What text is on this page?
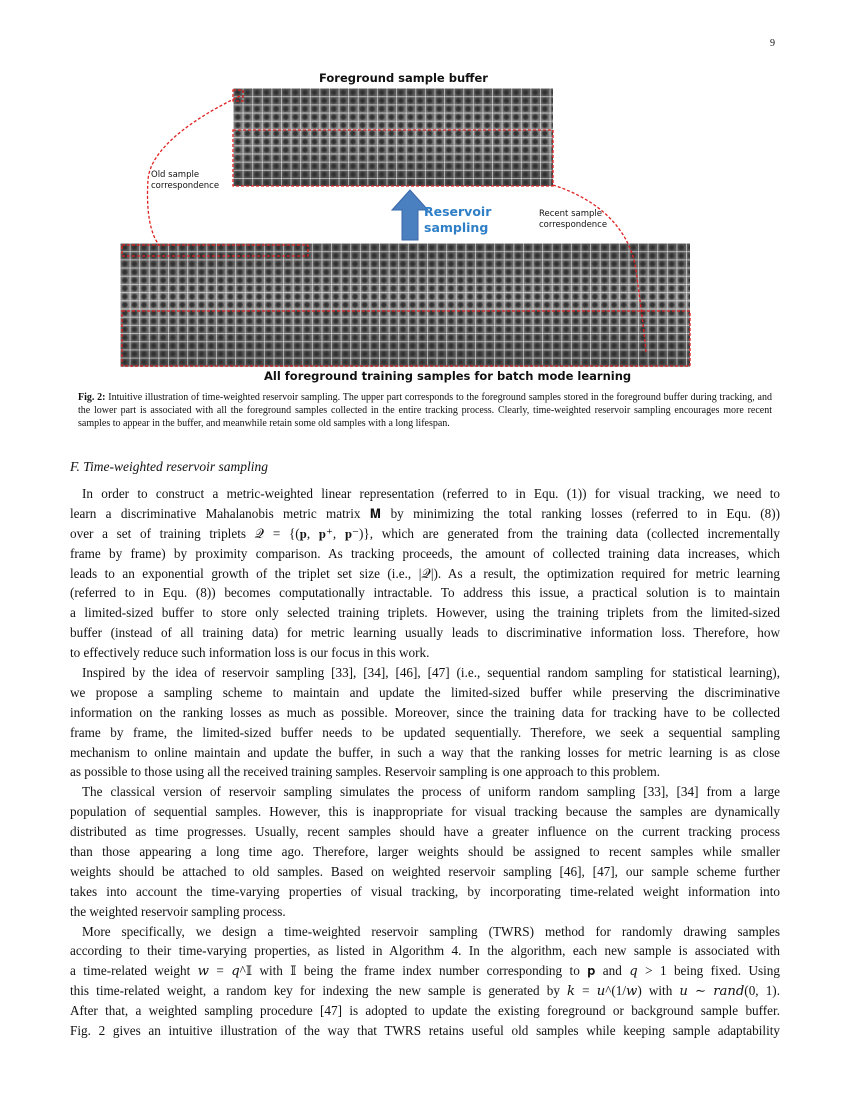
9
Foreground sample buffer
Reservoir sampling
Old sample correspondence
Recent sample correspondence
All foreground training samples for batch mode learning
Fig. 2: Intuitive illustration of time-weighted reservoir sampling. The upper part corresponds to the foreground samples stored in the foreground buffer during tracking, and the lower part is associated with all the foreground samples collected in the entire tracking process. Clearly, time-weighted reservoir sampling encourages more recent samples to appear in the buffer, and meanwhile retain some old samples with a long lifespan.
F. Time-weighted reservoir sampling
In order to construct a metric-weighted linear representation (referred to in Equ. (1)) for visual tracking, we need to
learn a discriminative Mahalanobis metric matrix 𝐌 by minimizing the total ranking losses (referred to in Equ. (8))
over a set of training triplets 𝒬 = {(𝐩, 𝐩⁺, 𝐩⁻)}, which are generated from the training data (collected incrementally
frame by frame) by proximity comparison. As tracking proceeds, the amount of collected training data increases, which
leads to an exponential growth of the triplet set size (i.e., |𝒬|). As a result, the optimization required for metric learning
(referred to in Equ. (8)) becomes computationally intractable. To address this issue, a practical solution is to maintain
a limited-sized buffer to store only selected training triplets. However, using the training triplets from the limited-sized
buffer (instead of all training data) for metric learning usually leads to discriminative information loss. Therefore, how
to effectively reduce such information loss is our focus in this work.
Inspired by the idea of reservoir sampling [33], [34], [46], [47] (i.e., sequential random sampling for statistical learning),
we propose a sampling scheme to maintain and update the limited-sized buffer while preserving the discriminative
information on the ranking losses as much as possible. Moreover, since the training data for tracking have to be collected
frame by frame, the limited-sized buffer needs to be updated sequentially. Therefore, we seek a sequential sampling
mechanism to online maintain and update the buffer, in such a way that the ranking losses for metric learning is as close
as possible to those using all the received training samples. Reservoir sampling is one approach to this problem.
The classical version of reservoir sampling simulates the process of uniform random sampling [33], [34] from a large
population of sequential samples. However, this is inappropriate for visual tracking because the samples are dynamically
distributed as time progresses. Usually, recent samples should have a greater influence on the current tracking process
than those appearing a long time ago. Therefore, larger weights should be assigned to recent samples while smaller
weights should be attached to old samples. Based on weighted reservoir sampling [46], [47], our sample scheme further
takes into account the time-varying properties of visual tracking, by incorporating time-related weight information into
the weighted reservoir sampling process.
More specifically, we design a time-weighted reservoir sampling (TWRS) method for randomly drawing samples
according to their time-varying properties, as listed in Algorithm 4. In the algorithm, each new sample is associated with
a time-related weight 𝑤 = 𝑞^𝕀 with 𝕀 being the frame index number corresponding to 𝐩 and 𝑞 > 1 being fixed. Using
this time-related weight, a random key for indexing the new sample is generated by 𝑘 = 𝑢^(1/𝑤) with 𝑢 ∼ 𝑟𝑎𝑛𝑑(0, 1).
After that, a weighted sampling procedure [47] is adopted to update the existing foreground or background sample buffer.
Fig. 2 gives an intuitive illustration of the way that TWRS retains useful old samples while keeping sample adaptability
